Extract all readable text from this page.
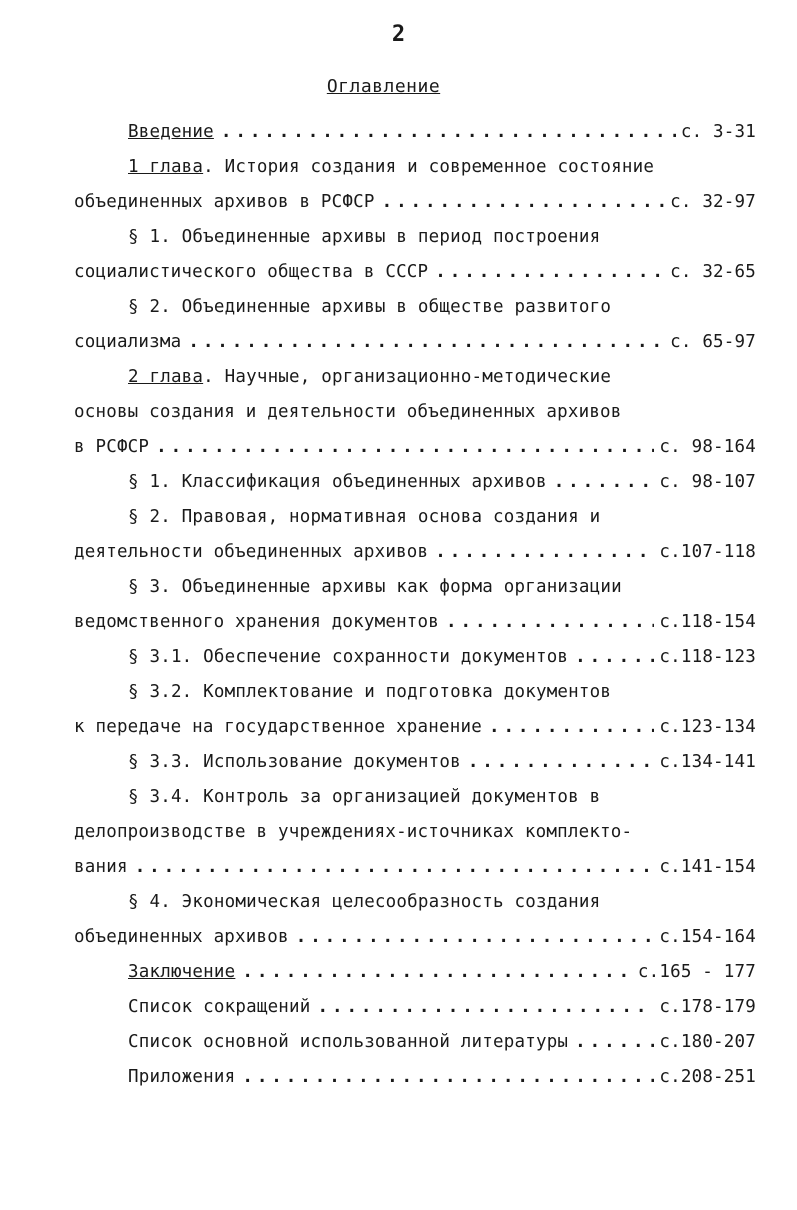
2
Оглавление
Введение . . .	с. 3-31
1 глава. История создания и современное состояние
объединенных архивов в РСФСР . . .	с. 32-97
§ 1. Объединенные архивы в период построения
социалистического общества в СССР . . .	с. 32-65
§ 2. Объединенные архивы в обществе развитого
социализма . . .	с. 65-97
2 глава. Научные, организационно-методические
основы создания и деятельности объединенных архивов
в РСФСР . . .	с. 98-164
§ 1. Классификация объединенных архивов . . .	с. 98-107
§ 2. Правовая, нормативная основа создания и
деятельности объединенных архивов . . .	с.107-118
§ 3. Объединенные архивы как форма организации
ведомственного хранения документов . . .	с.118-154
§ 3.1. Обеспечение сохранности документов . . .	с.118-123
§ 3.2. Комплектование и подготовка документов
к передаче на государственное хранение . . .	с.123-134
§ 3.3. Использование документов . . .	с.134-141
§ 3.4. Контроль за организацией документов в
делопроизводстве в учреждениях-источниках комплекто-
вания . . .	с.141-154
§ 4. Экономическая целесообразность создания
объединенных архивов . . .	с.154-164
Заключение . . .	с.165 - 177
Список сокращений . . .	с.178-179
Список основной использованной литературы . . .	с.180-207
Приложения . . .	с.208-251
